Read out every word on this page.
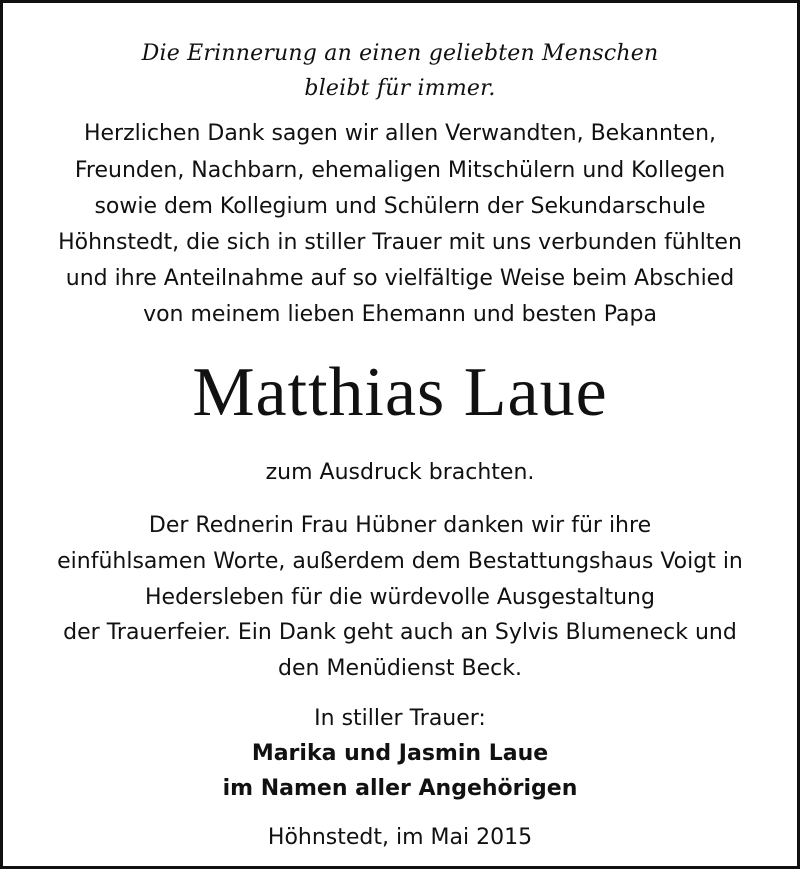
Die Erinnerung an einen geliebten Menschen
bleibt für immer.
Herzlichen Dank sagen wir allen Verwandten, Bekannten,
Freunden, Nachbarn, ehemaligen Mitschülern und Kollegen
sowie dem Kollegium und Schülern der Sekundarschule
Höhnstedt, die sich in stiller Trauer mit uns verbunden fühlten
und ihre Anteilnahme auf so vielfältige Weise beim Abschied
von meinem lieben Ehemann und besten Papa
Matthias Laue
zum Ausdruck brachten.
Der Rednerin Frau Hübner danken wir für ihre
einfühlsamen Worte, außerdem dem Bestattungshaus Voigt in
Hedersleben für die würdevolle Ausgestaltung
der Trauerfeier. Ein Dank geht auch an Sylvis Blumeneck und
den Menüdienst Beck.
In stiller Trauer:
Marika und Jasmin Laue
im Namen aller Angehörigen
Höhnstedt, im Mai 2015
